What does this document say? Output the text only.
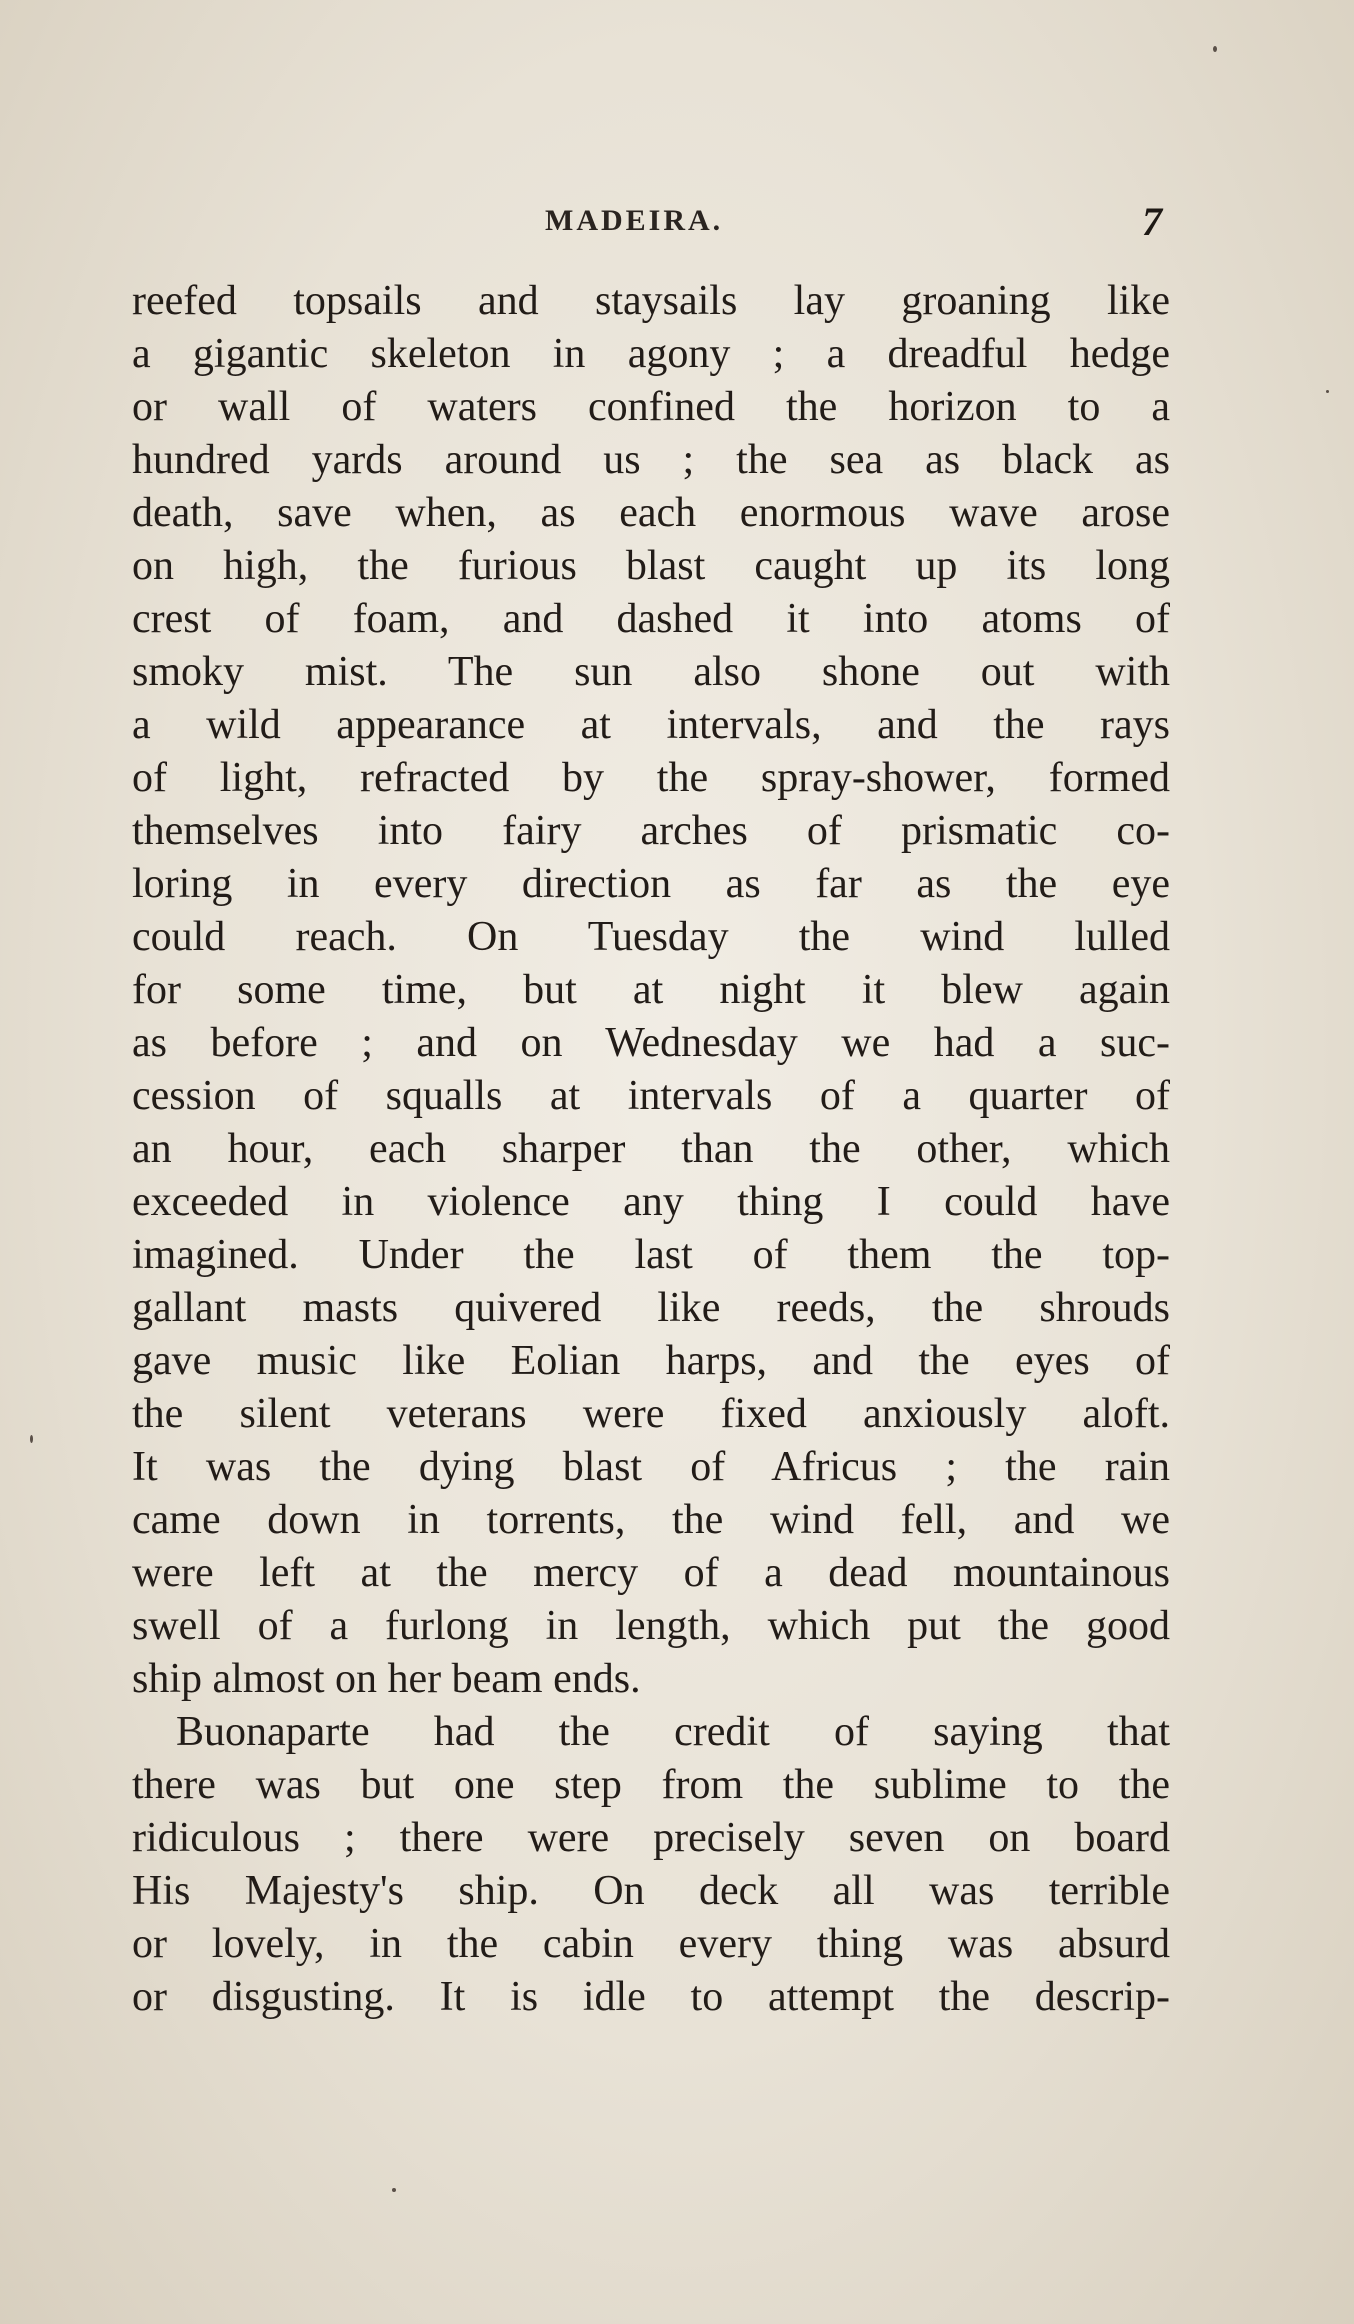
MADEIRA.	7
reefed topsails and staysails lay groaning like
a gigantic skeleton in agony ; a dreadful hedge
or wall of waters confined the horizon to a
hundred yards around us ; the sea as black as
death, save when, as each enormous wave arose
on high, the furious blast caught up its long
crest of foam, and dashed it into atoms of
smoky mist. The sun also shone out with
a wild appearance at intervals, and the rays
of light, refracted by the spray-shower, formed
themselves into fairy arches of prismatic co-
loring in every direction as far as the eye
could reach. On Tuesday the wind lulled
for some time, but at night it blew again
as before ; and on Wednesday we had a suc-
cession of squalls at intervals of a quarter of
an hour, each sharper than the other, which
exceeded in violence any thing I could have
imagined. Under the last of them the top-
gallant masts quivered like reeds, the shrouds
gave music like Eolian harps, and the eyes of
the silent veterans were fixed anxiously aloft.
It was the dying blast of Africus ; the rain
came down in torrents, the wind fell, and we
were left at the mercy of a dead mountainous
swell of a furlong in length, which put the good
ship almost on her beam ends.
Buonaparte had the credit of saying that
there was but one step from the sublime to the
ridiculous ; there were precisely seven on board
His Majesty's ship. On deck all was terrible
or lovely, in the cabin every thing was absurd
or disgusting. It is idle to attempt the descrip-
